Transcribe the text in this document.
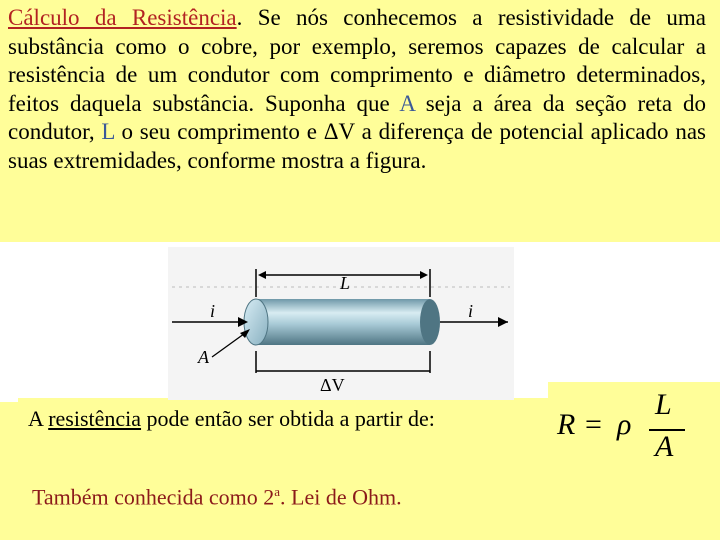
Cálculo da Resistência. Se nós conhecemos a resistividade de uma substância como o cobre, por exemplo, seremos capazes de calcular a resistência de um condutor com comprimento e diâmetro determinados, feitos daquela substância. Suponha que A seja a área da seção reta do condutor, L o seu comprimento e ΔV a diferença de potencial aplicado nas suas extremidades, conforme mostra a figura.

L
i	i
A
ΔV
A resistência pode então ser obtida a partir de:	R = ρ
L
A
Também conhecida como 2$^a$. Lei de Ohm.
